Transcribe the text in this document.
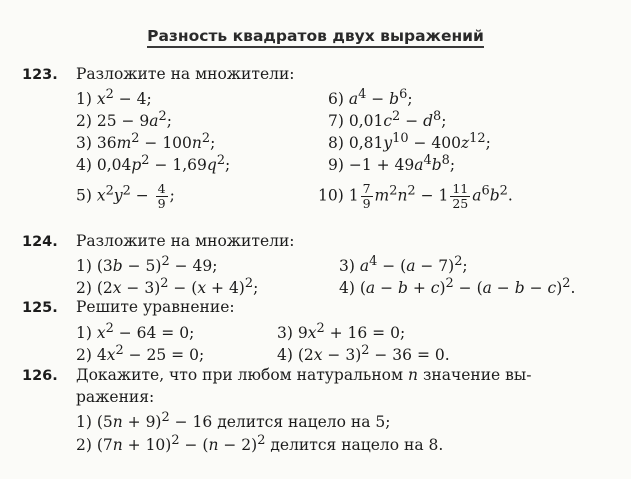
Разность квадратов двух выражений
123. Разложите на множители:
1) $x^2 - 4$;
2) $25 - 9a^2$;
3) $36m^2 - 100n^2$;
4) $0,04p^2 - 1,69q^2$;
5) $x^2y^2 - \frac{4}{9}$ ;
6) $a^4 - b^6$;
7) $0,01c^2 - d^8$;
8) $0,81y^{10} - 400z^{12}$;
$9) -1 + 49a^4b^8$;
10) $1 \frac{7}{9} m^2n^2 - 1 \frac{11}{25} a^6b^2$.
124. Разложите на множители:
1) $(3b - 5)^2 - 49$;
2) $(2x - 3)^2 - (x + 4)^2$;
3) $a^4 - (a - 7)^2$;
4) $(a - b + c)^2 - (a - b - c)^2$.
125. Решите уравнение:
1) $x^2 - 64 = 0$;
2) $4x^2 - 25 = 0$;
3) $9x^2 + 16 = 0$;
4) $(2x - 3)^2 - 36 = 0$.
126. Докажите, что при любом натуральном n значение вы-
ражения:
1) $(5n + 9)^2 - 16$ делится нацело на 5;
2) $(7n + 10)^2 - (n - 2)^2$ делится нацело на 8.
